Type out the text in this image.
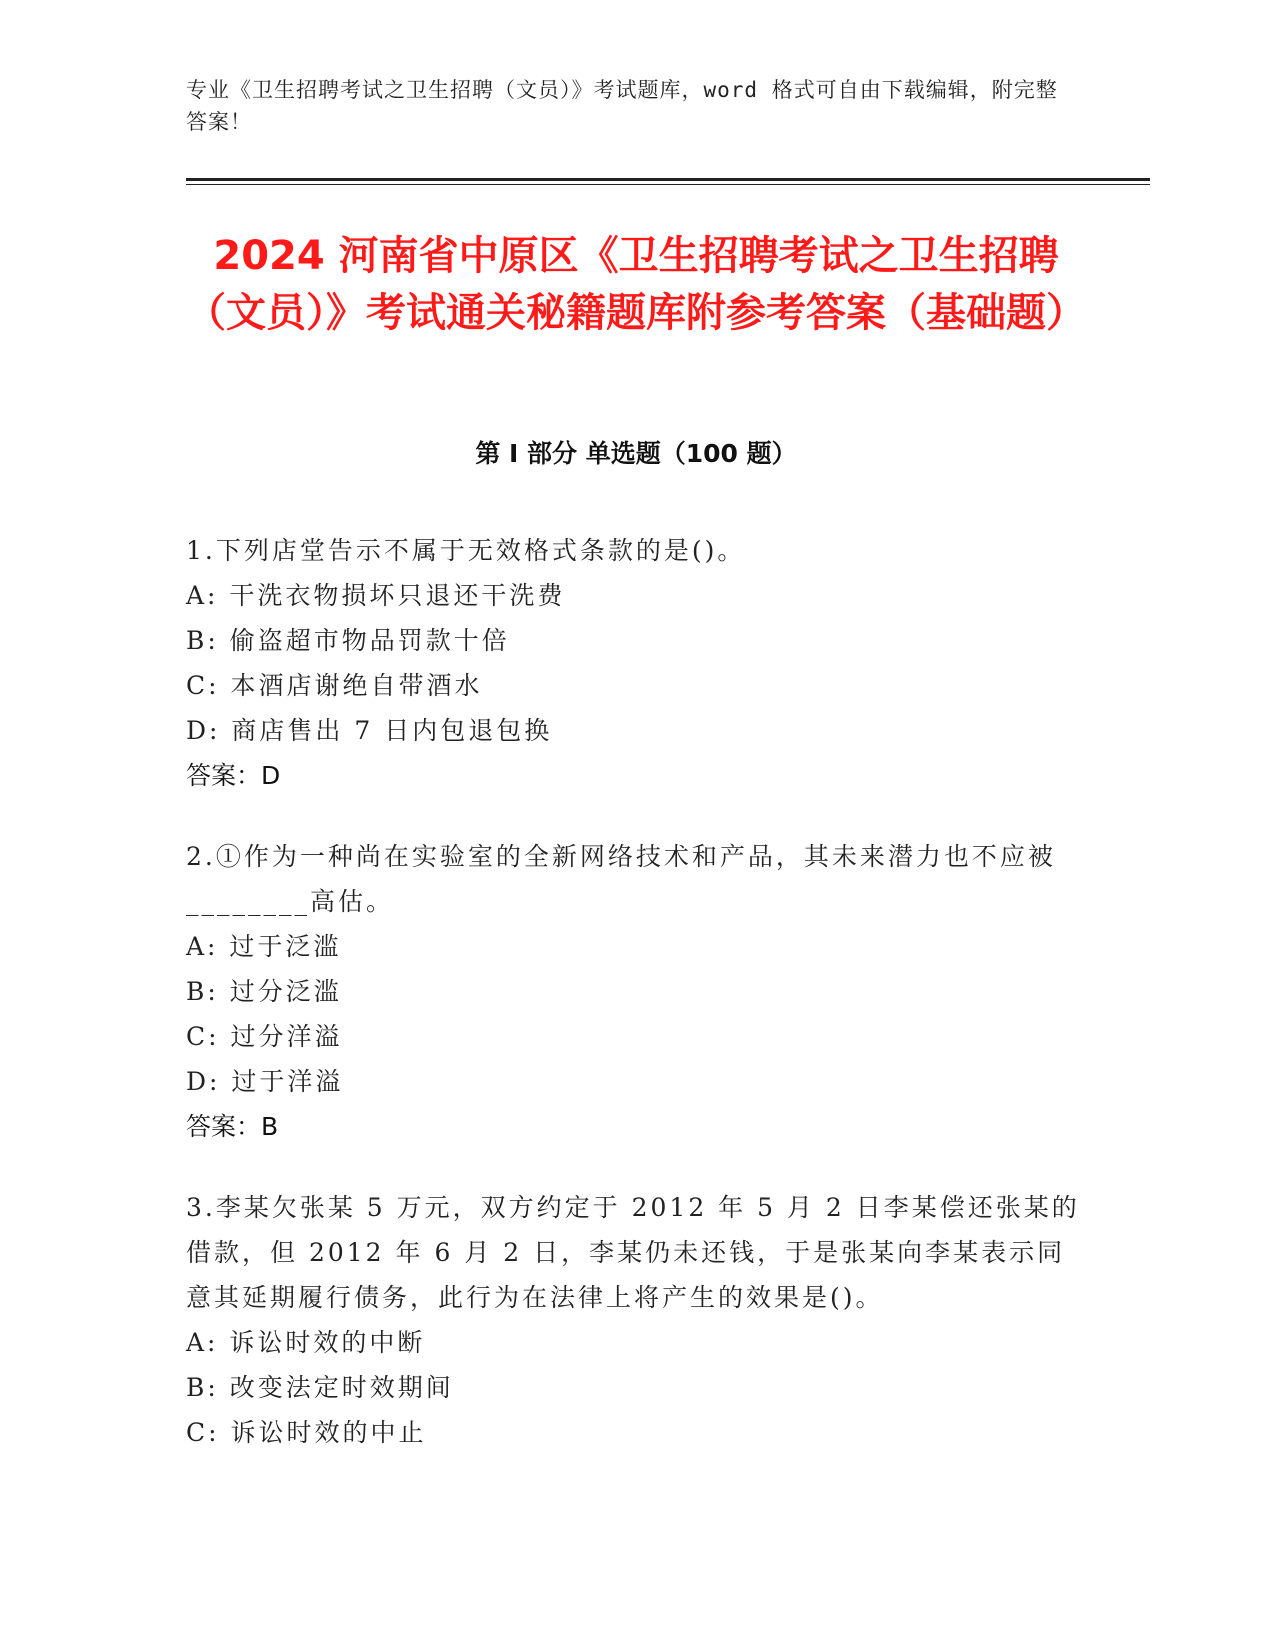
专业《卫生招聘考试之卫生招聘（文员）》考试题库，word 格式可自由下载编辑，附完整答案！
2024 河南省中原区《卫生招聘考试之卫生招聘（文员）》考试通关秘籍题库附参考答案（基础题）
第 I 部分 单选题（100 题）

1.下列店堂告示不属于无效格式条款的是()。

A: 干洗衣物损坏只退还干洗费

B: 偷盗超市物品罚款十倍

C: 本酒店谢绝自带酒水

D: 商店售出 7 日内包退包换

答案：D

2.①作为一种尚在实验室的全新网络技术和产品，其未来潜力也不应被________高估。

A: 过于泛滥

B: 过分泛滥

C: 过分洋溢

D: 过于洋溢

答案：B

3.李某欠张某 5 万元，双方约定于 2012 年 5 月 2 日李某偿还张某的借款，但 2012 年 6 月 2 日，李某仍未还钱，于是张某向李某表示同意其延期履行债务，此行为在法律上将产生的效果是()。

A: 诉讼时效的中断

B: 改变法定时效期间

C: 诉讼时效的中止
